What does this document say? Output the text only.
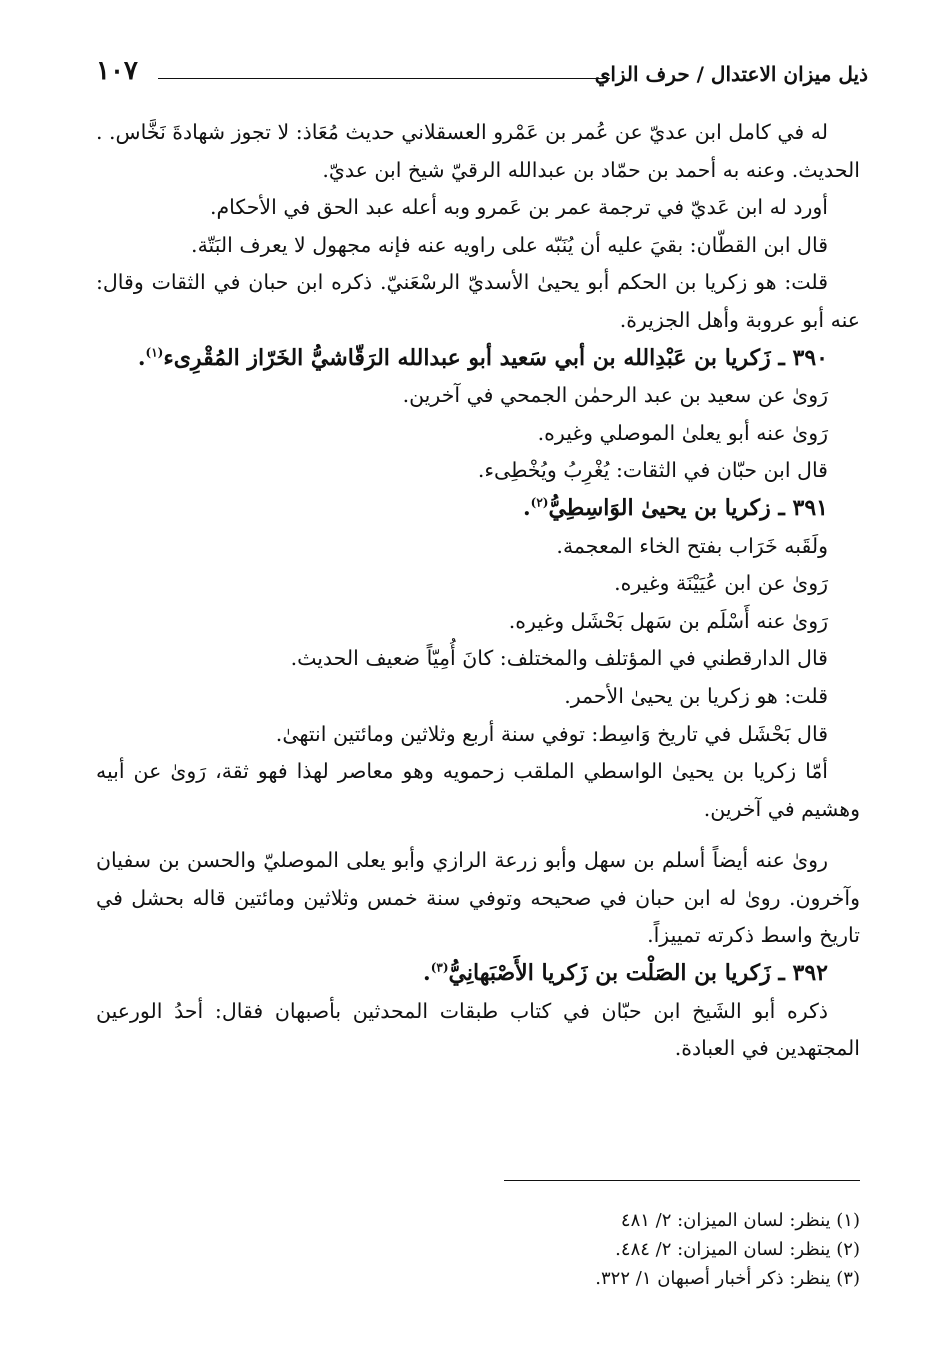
ذيل ميزان الاعتدال / حرف الزاي
١٠٧

له في كامل ابن عديّ عن عُمر بن عَمْرو العسقلاني حديث مُعَاذ: لا تجوز شهادةَ نَخَّاس. . الحديث. وعنه به أحمد بن حمّاد بن عبدالله الرقيّ شيخ ابن عديّ.

أورد له ابن عَديّ في ترجمة عمر بن عَمرو وبه أعله عبد الحق في الأحكام.

قال ابن القطّان: بقيَ عليه أن يُنَبّه على راويه عنه فإنه مجهول لا يعرف البَتّة.

قلت: هو زكريا بن الحكم أبو يحيىٰ الأسديّ الرسْعَنيّ. ذكره ابن حبان في الثقات وقال: عنه أبو عروبة وأهل الجزيرة.

٣٩٠ ـ زَكريا بن عَبْدِالله بن أبي سَعيد أبو عبدالله الرَقّاشيُّ الخَرّاز المُقْرِىء$^{(١)}$.

رَوىٰ عن سعيد بن عبد الرحمٰن الجمحي في آخرين.

رَوىٰ عنه أبو يعلىٰ الموصلي وغيره.

قال ابن حبّان في الثقات: يُغْرِبُ ويُخْطِىء.

٣٩١ ـ زكريا بن يحيىٰ الوَاسِطِيُّ$^{(٢)}$.

ولَقَبه خَرَاب بفتح الخاء المعجمة.

رَوىٰ عن ابن عُيَيْنَة وغيره.

رَوىٰ عنه أَسْلَم بن سَهل بَحْشَل وغيره.

قال الدارقطني في المؤتلف والمختلف: كانَ أُمِيّاً ضعيف الحديث.

قلت: هو زكريا بن يحيىٰ الأحمر.

قال بَحْشَل في تاريخ وَاسِط: توفي سنة أربع وثلاثين ومائتين انتهىٰ.

أمّا زكريا بن يحيىٰ الواسطي الملقب زحمويه وهو معاصر لهذا فهو ثقة، رَوىٰ عن أبيه وهشيم في آخرين.

روىٰ عنه أيضاً أسلم بن سهل وأبو زرعة الرازي وأبو يعلى الموصليّ والحسن بن سفيان وآخرون. روىٰ له ابن حبان في صحيحه وتوفي سنة خمس وثلاثين ومائتين قاله بحشل في تاريخ واسط ذكرته تمييزاً.

٣٩٢ ـ زَكريا بن الصَلْت بن زَكريا الأَصْبَهانِيُّ$^{(٣)}$.

ذكره أبو الشَيخ ابن حبّان في كتاب طبقات المحدثين بأصبهان فقال: أحدُ الورعين المجتهدين في العبادة.

(١) ينظر: لسان الميزان: ٢/ ٤٨١

(٢) ينظر: لسان الميزان: ٢/ ٤٨٤.

(٣) ينظر: ذكر أخبار أصبهان ١/ ٣٢٢.
